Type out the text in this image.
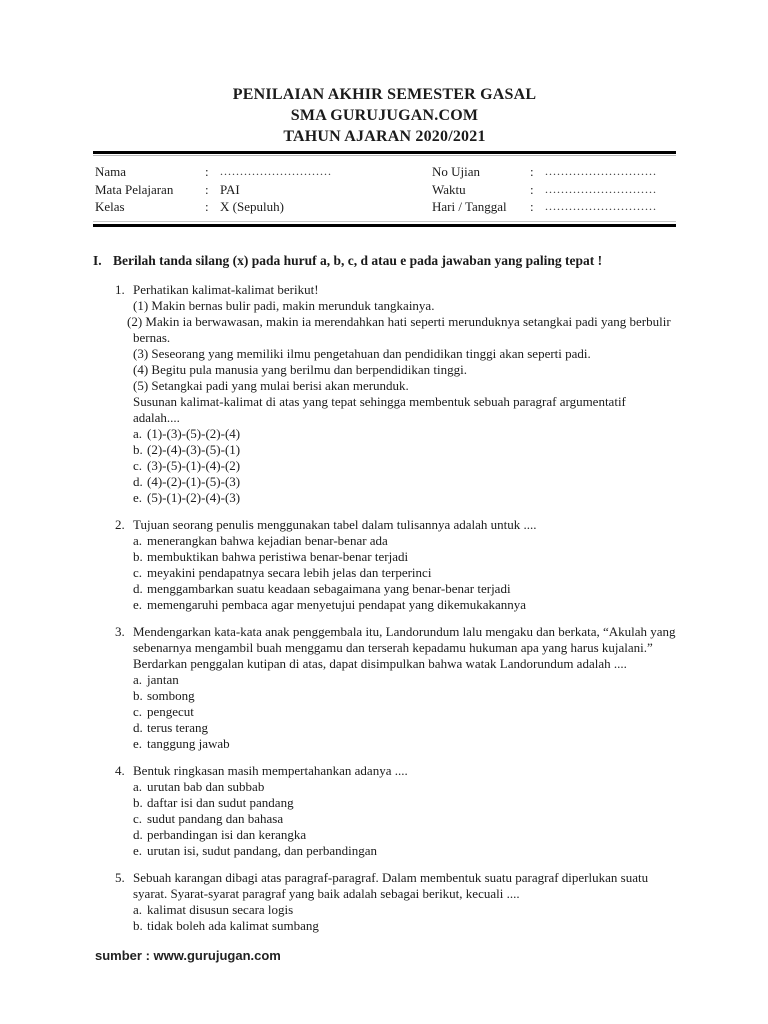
PENILAIAN AKHIR SEMESTER GASAL
SMA GURUJUGAN.COM
TAHUN AJARAN 2020/2021
Nama	: ............................
Mata Pelajaran	: PAI
Kelas	: X (Sepuluh)
No Ujian	: ............................
Waktu	: ............................
Hari / Tanggal	: ............................
I. Berilah tanda silang (x) pada huruf a, b, c, d atau e pada jawaban yang paling tepat !
1. Perhatikan kalimat-kalimat berikut!
(1) Makin bernas bulir padi, makin merunduk tangkainya.
(2) Makin ia berwawasan, makin ia merendahkan hati seperti merunduknya setangkai padi yang berbulir bernas.
(3) Seseorang yang memiliki ilmu pengetahuan dan pendidikan tinggi akan seperti padi.
(4) Begitu pula manusia yang berilmu dan berpendidikan tinggi.
(5) Setangkai padi yang mulai berisi akan merunduk.
Susunan kalimat-kalimat di atas yang tepat sehingga membentuk sebuah paragraf argumentatif adalah....
a. (1)-(3)-(5)-(2)-(4)
b. (2)-(4)-(3)-(5)-(1)
c. (3)-(5)-(1)-(4)-(2)
d. (4)-(2)-(1)-(5)-(3)
e. (5)-(1)-(2)-(4)-(3)
2. Tujuan seorang penulis menggunakan tabel dalam tulisannya adalah untuk ....
a. menerangkan bahwa kejadian benar-benar ada
b. membuktikan bahwa peristiwa benar-benar terjadi
c. meyakini pendapatnya secara lebih jelas dan terperinci
d. menggambarkan suatu keadaan sebagaimana yang benar-benar terjadi
e. memengaruhi pembaca agar menyetujui pendapat yang dikemukakannya
3. Mendengarkan kata-kata anak penggembala itu, Landorundum lalu mengaku dan berkata, “Akulah yang sebenarnya mengambil buah menggamu dan terserah kepadamu hukuman apa yang harus kujalani.”
Berdarkan penggalan kutipan di atas, dapat disimpulkan bahwa watak Landorundum adalah ....
a. jantan
b. sombong
c. pengecut
d. terus terang
e. tanggung jawab
4. Bentuk ringkasan masih mempertahankan adanya ....
a. urutan bab dan subbab
b. daftar isi dan sudut pandang
c. sudut pandang dan bahasa
d. perbandingan isi dan kerangka
e. urutan isi, sudut pandang, dan perbandingan
5. Sebuah karangan dibagi atas paragraf-paragraf. Dalam membentuk suatu paragraf diperlukan suatu syarat. Syarat-syarat paragraf yang baik adalah sebagai berikut, kecuali ....
a. kalimat disusun secara logis
b. tidak boleh ada kalimat sumbang
sumber : www.gurujugan.com
